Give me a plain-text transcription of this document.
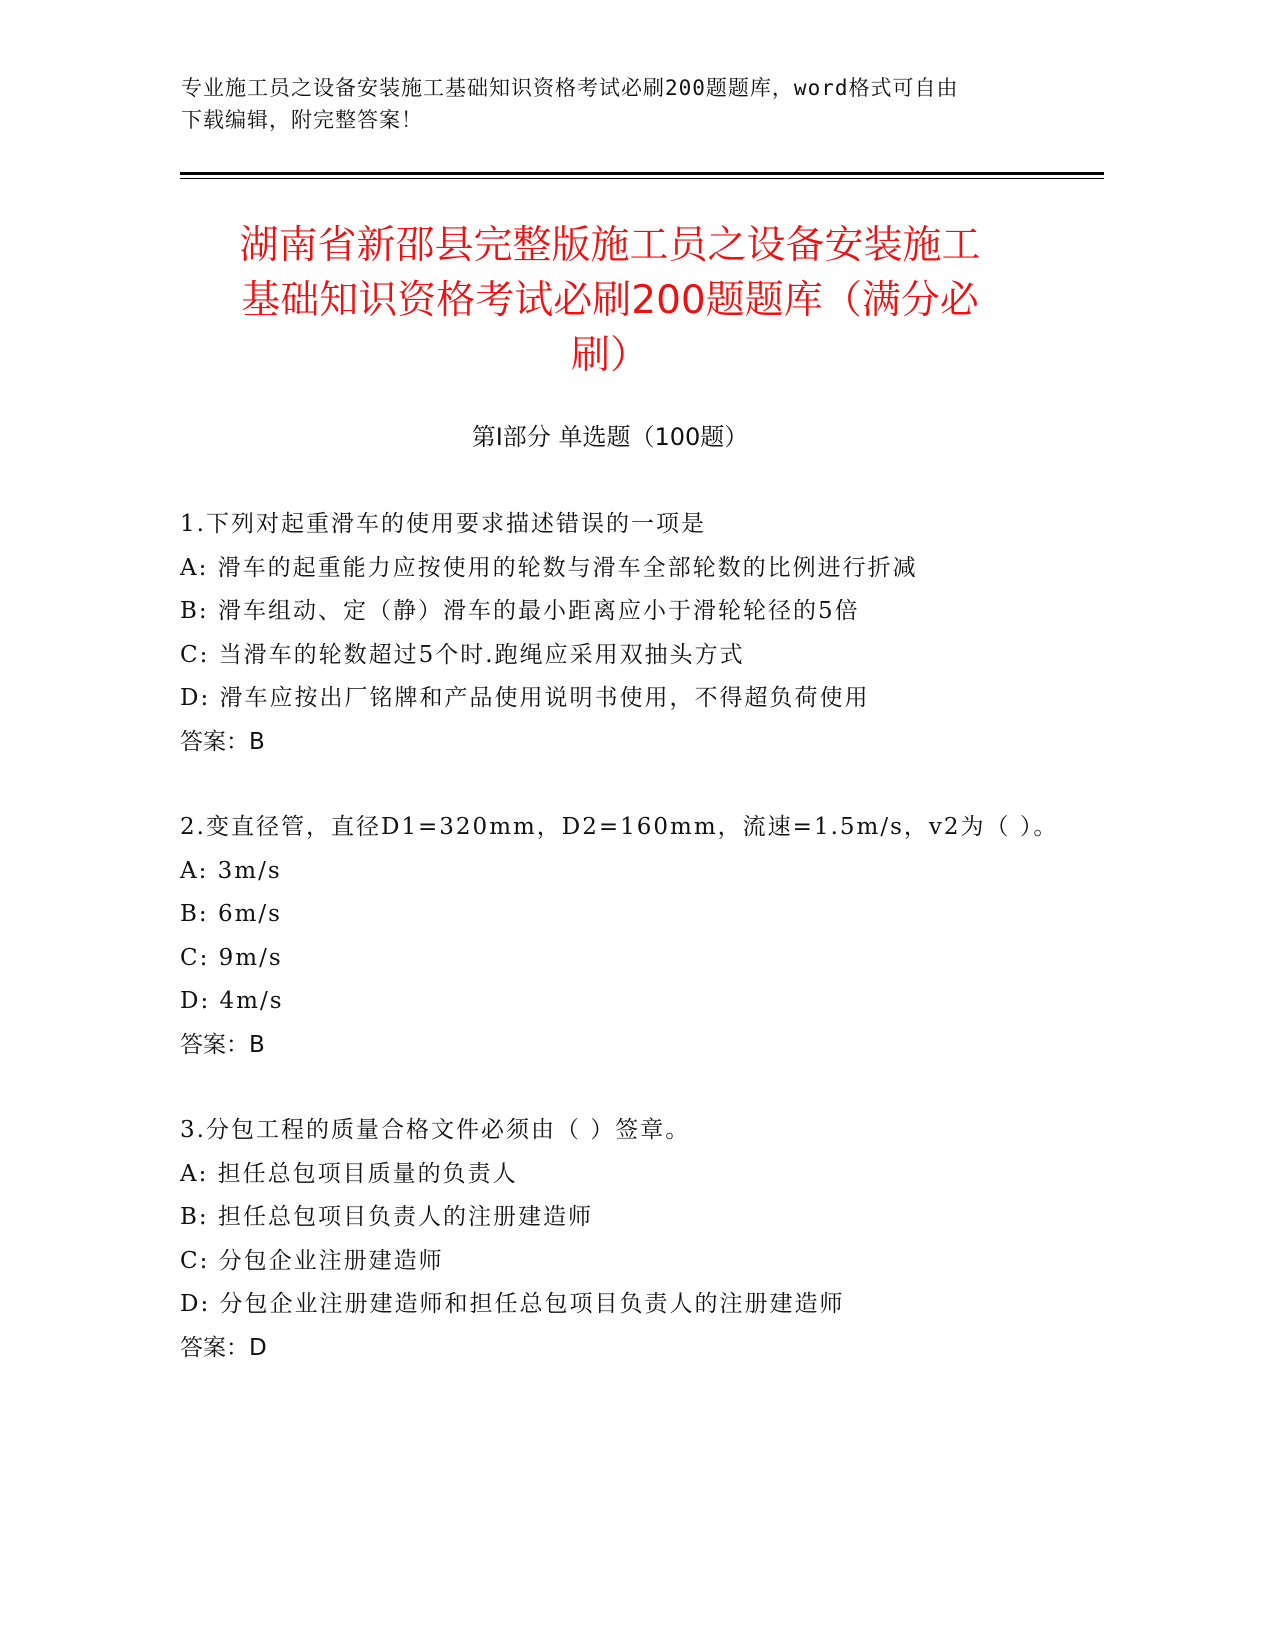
专业施工员之设备安装施工基础知识资格考试必刷200题题库，word格式可自由
下载编辑，附完整答案！
湖南省新邵县完整版施工员之设备安装施工
基础知识资格考试必刷200题题库（满分必
刷）
第Ⅰ部分 单选题（100题）
1.下列对起重滑车的使用要求描述错误的一项是
A: 滑车的起重能力应按使用的轮数与滑车全部轮数的比例进行折减
B: 滑车组动、定（静）滑车的最小距离应小于滑轮轮径的5倍
C: 当滑车的轮数超过5个时.跑绳应采用双抽头方式
D: 滑车应按出厂铭牌和产品使用说明书使用，不得超负荷使用
答案：B
2.变直径管，直径D1=320mm，D2=160mm，流速=1.5m/s，v2为（ ）。
A: 3m/s
B: 6m/s
C: 9m/s
D: 4m/s
答案：B
3.分包工程的质量合格文件必须由（ ）签章。
A: 担任总包项目质量的负责人
B: 担任总包项目负责人的注册建造师
C: 分包企业注册建造师
D: 分包企业注册建造师和担任总包项目负责人的注册建造师
答案：D
